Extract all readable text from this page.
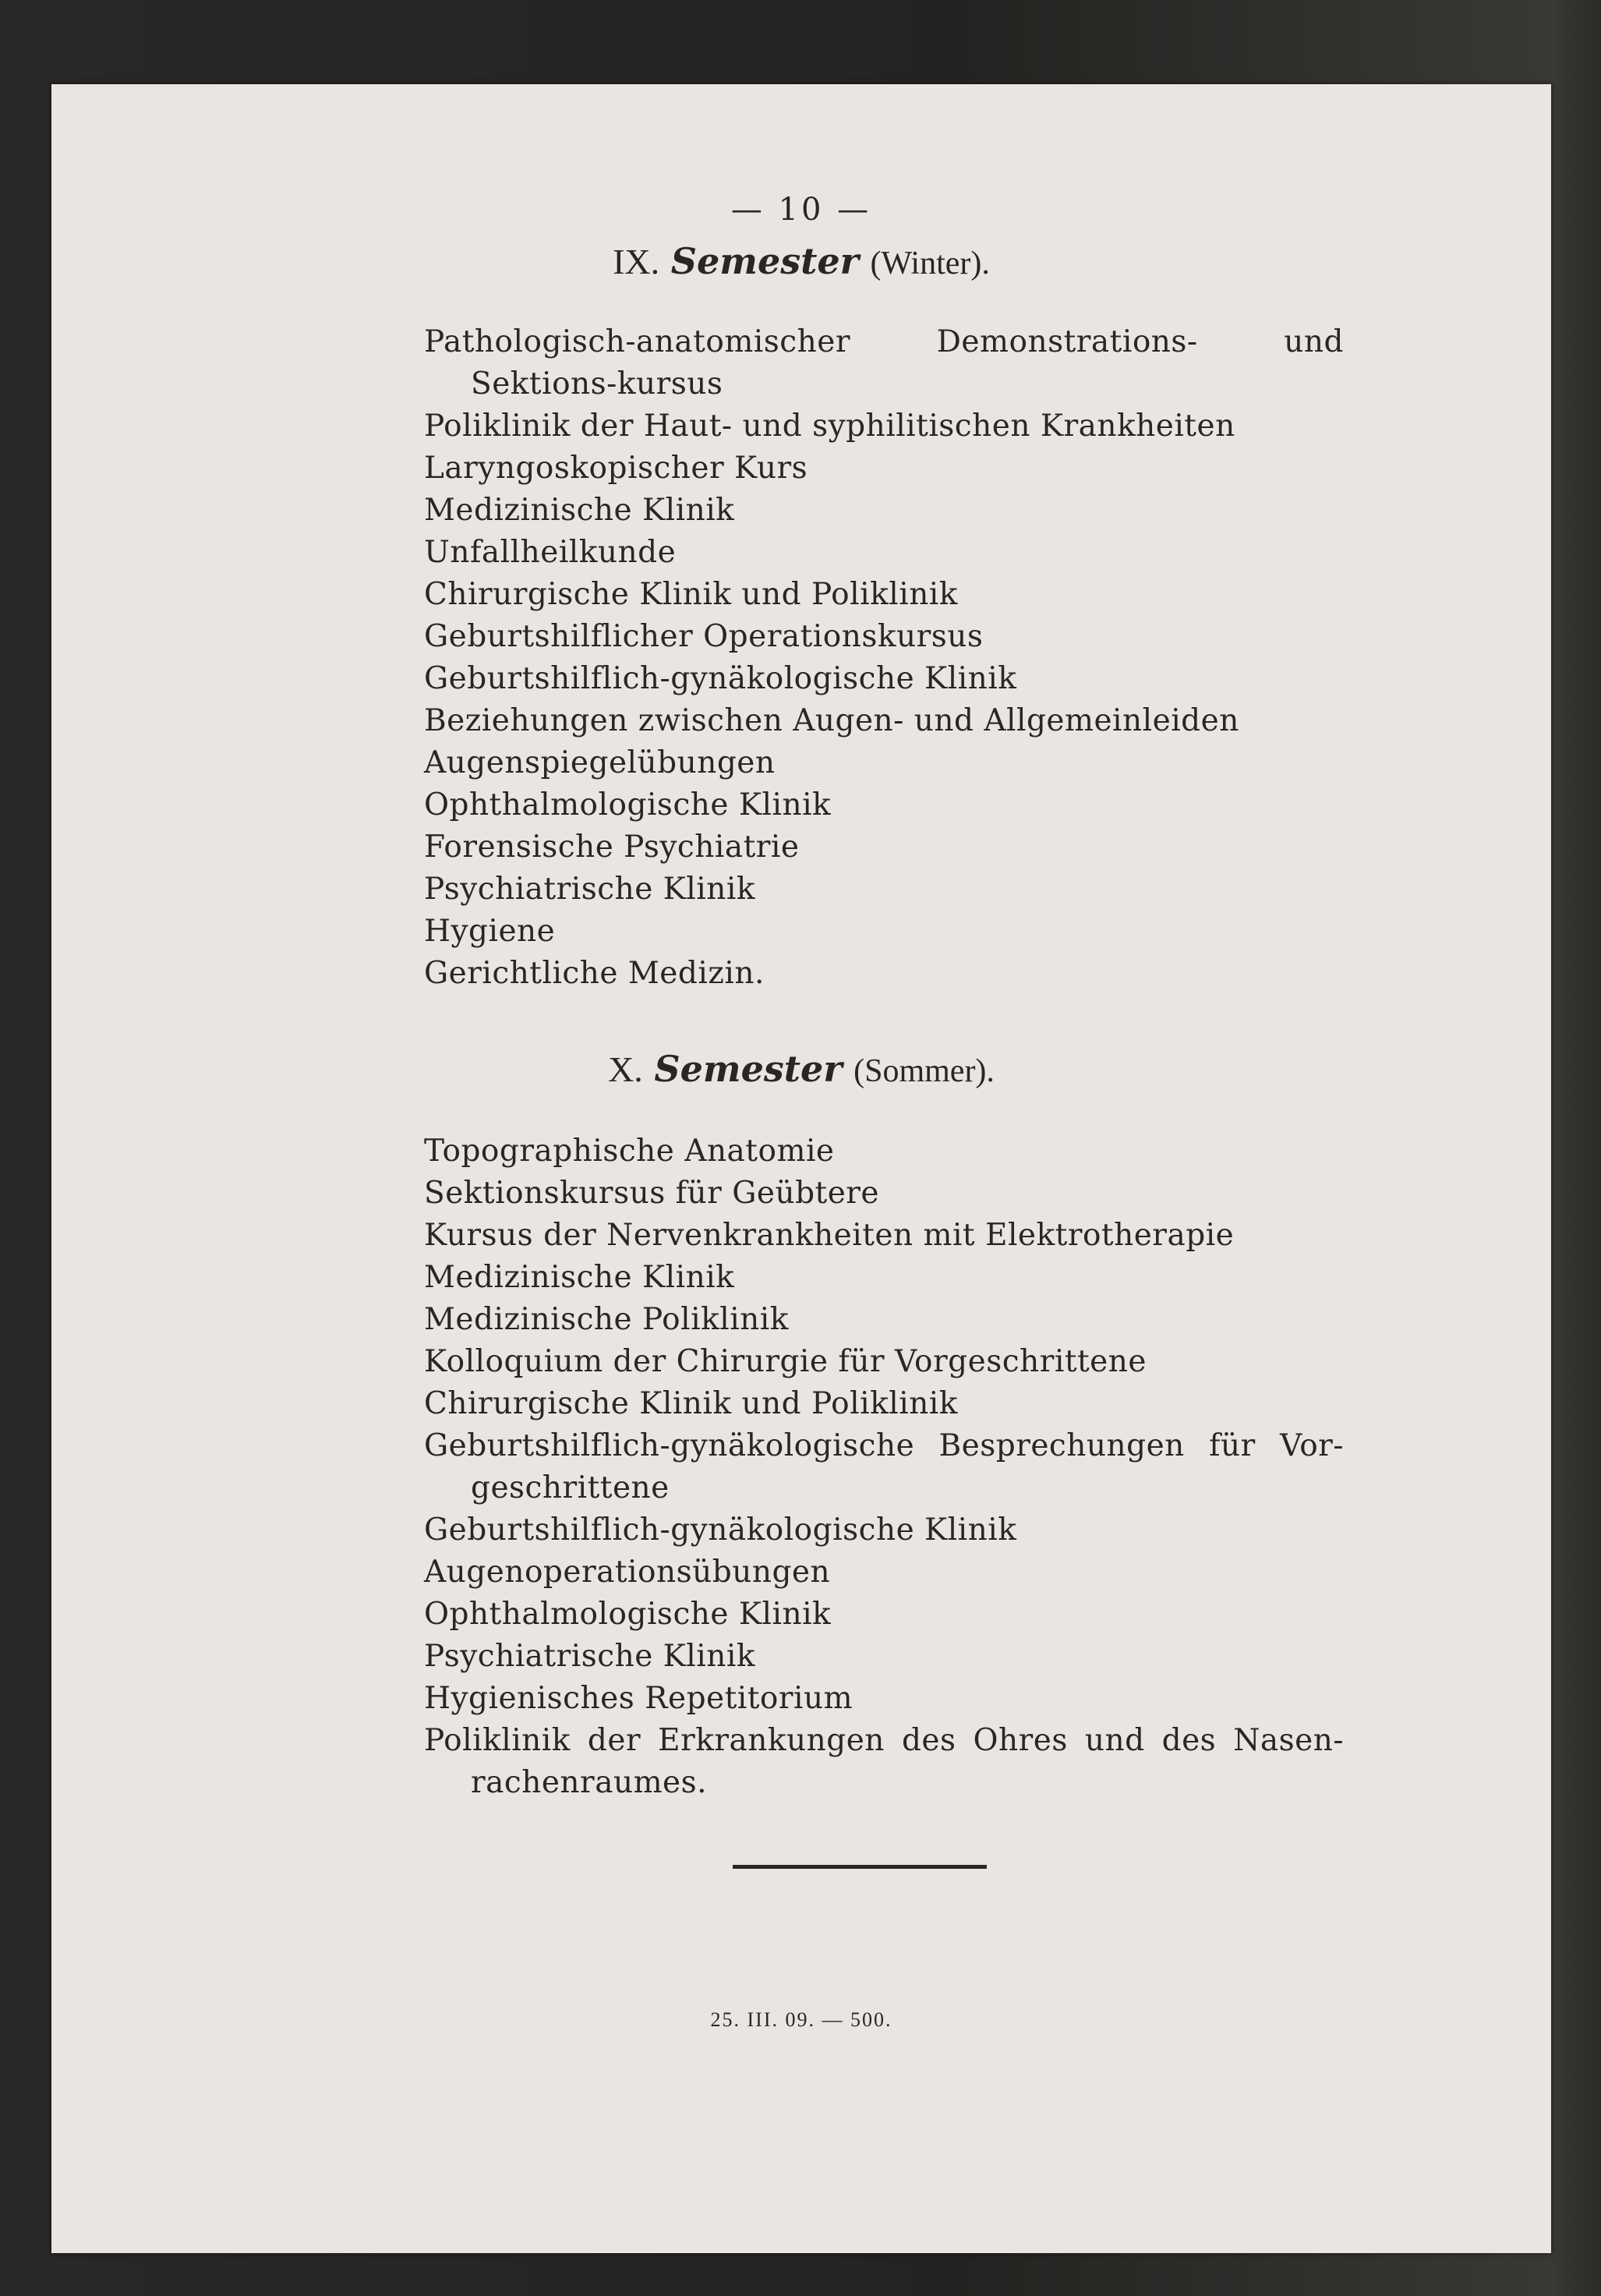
— 10 —
IX. Semester (Winter).
Pathologisch-anatomischer Demonstrations- und Sektions-kursus
Poliklinik der Haut- und syphilitischen Krankheiten
Laryngoskopischer Kurs
Medizinische Klinik
Unfallheilkunde
Chirurgische Klinik und Poliklinik
Geburtshilflicher Operationskursus
Geburtshilflich-gynäkologische Klinik
Beziehungen zwischen Augen- und Allgemeinleiden
Augenspiegelübungen
Ophthalmologische Klinik
Forensische Psychiatrie
Psychiatrische Klinik
Hygiene
Gerichtliche Medizin.
X. Semester (Sommer).
Topographische Anatomie
Sektionskursus für Geübtere
Kursus der Nervenkrankheiten mit Elektrotherapie
Medizinische Klinik
Medizinische Poliklinik
Kolloquium der Chirurgie für Vorgeschrittene
Chirurgische Klinik und Poliklinik
Geburtshilflich-gynäkologische Besprechungen für Vor-geschrittene
Geburtshilflich-gynäkologische Klinik
Augenoperationsübungen
Ophthalmologische Klinik
Psychiatrische Klinik
Hygienisches Repetitorium
Poliklinik der Erkrankungen des Ohres und des Nasen-rachenraumes.
25. III. 09. — 500.
